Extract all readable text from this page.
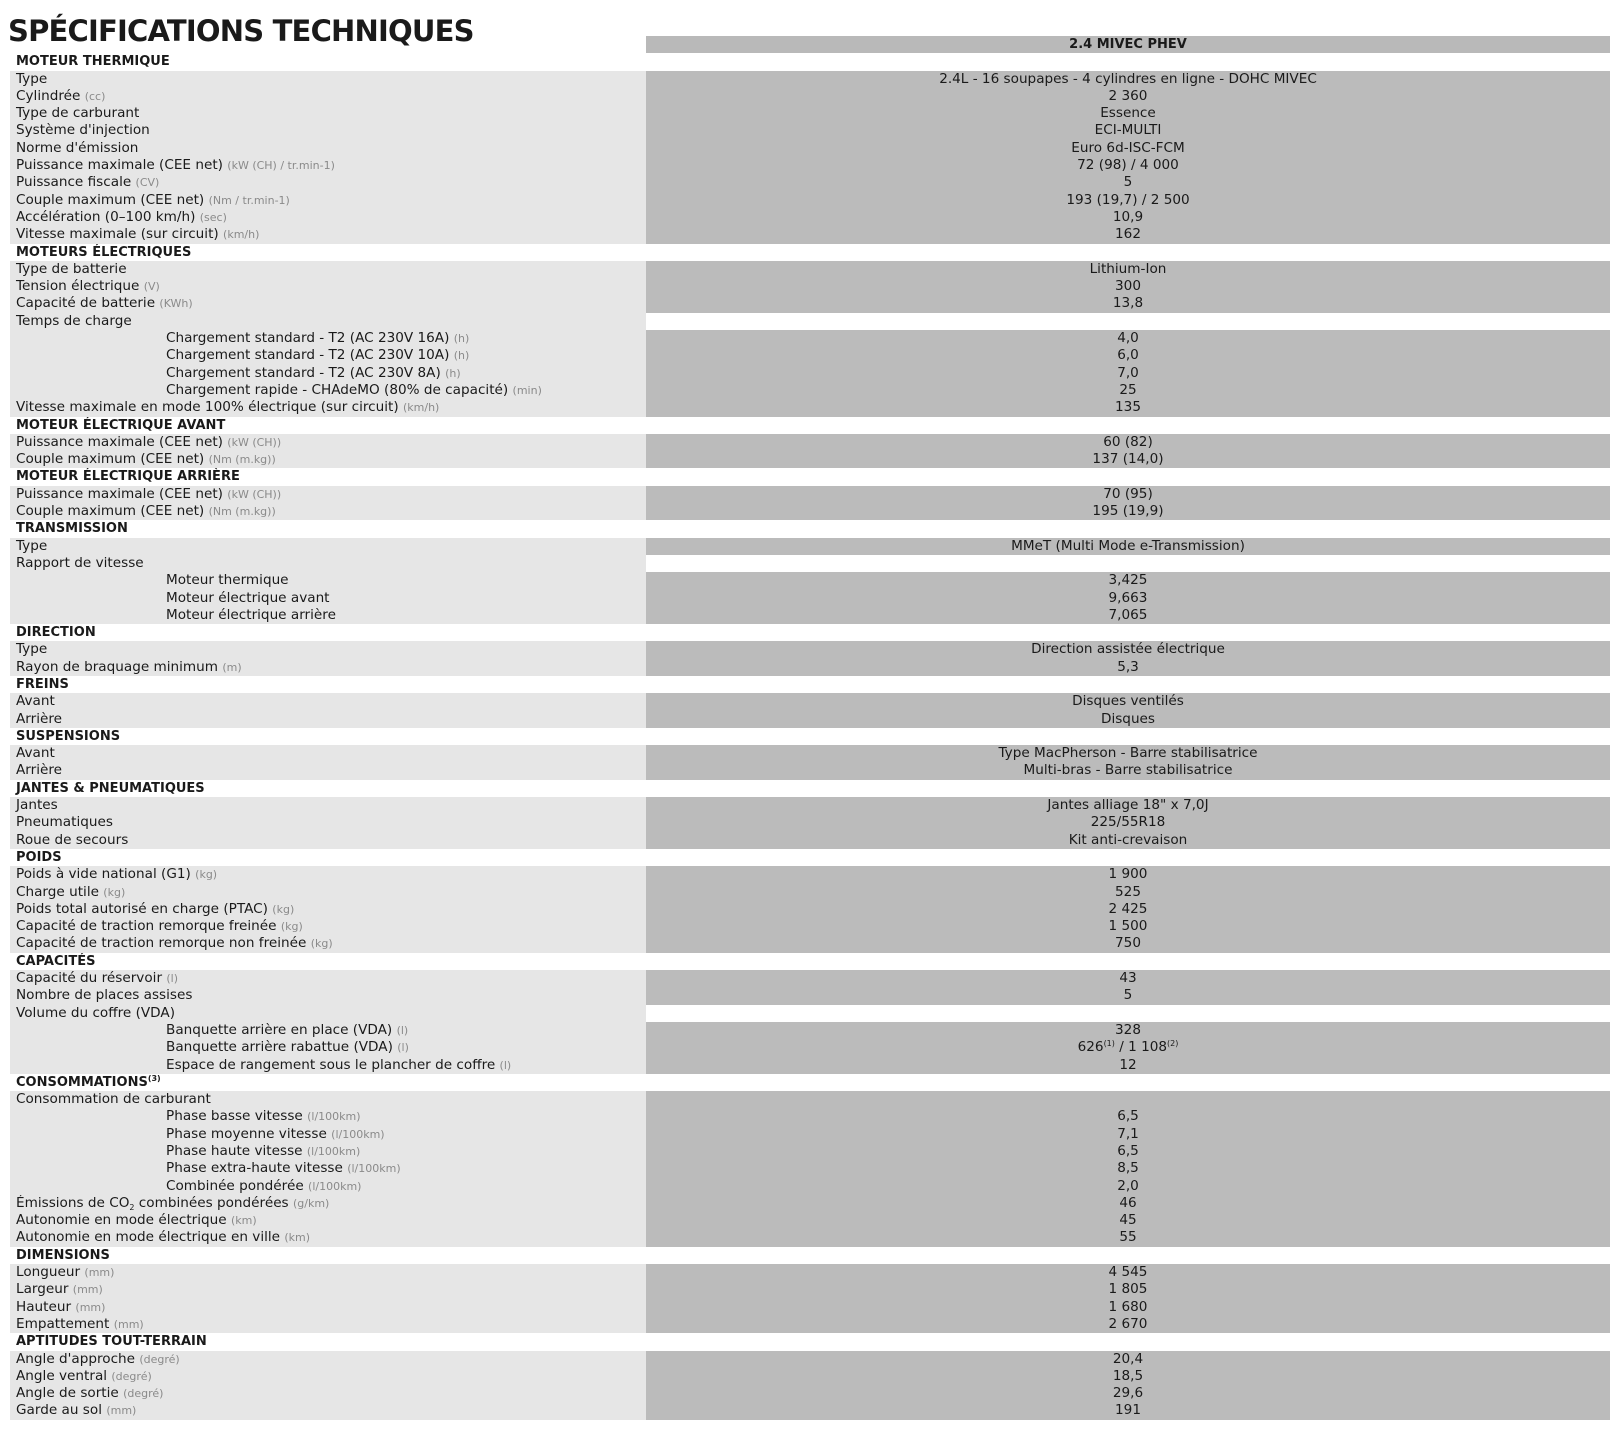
SPÉCIFICATIONS TECHNIQUES	2.4 MIVEC PHEV
MOTEUR THERMIQUE
Type	2.4L - 16 soupapes - 4 cylindres en ligne - DOHC MIVEC
Cylindrée (cc)	2 360
Type de carburant	Essence
Système d'injection	ECI-MULTI
Norme d'émission	Euro 6d-ISC-FCM
Puissance maximale (CEE net) (kW (CH) / tr.min-1)	72 (98) / 4 000
Puissance fiscale (CV)	5
Couple maximum (CEE net) (Nm / tr.min-1)	193 (19,7) / 2 500
Accélération (0–100 km/h) (sec)	10,9
Vitesse maximale (sur circuit) (km/h)	162
MOTEURS ÉLECTRIQUES
Type de batterie	Lithium-Ion
Tension électrique (V)	300
Capacité de batterie (KWh)	13,8
Temps de charge
Chargement standard - T2 (AC 230V 16A) (h)	4,0
Chargement standard - T2 (AC 230V 10A) (h)	6,0
Chargement standard - T2 (AC 230V 8A) (h)	7,0
Chargement rapide - CHAdeMO (80% de capacité) (min)	25
Vitesse maximale en mode 100% électrique (sur circuit) (km/h)	135
MOTEUR ÉLECTRIQUE AVANT
Puissance maximale (CEE net) (kW (CH))	60 (82)
Couple maximum (CEE net) (Nm (m.kg))	137 (14,0)
MOTEUR ÉLECTRIQUE ARRIÈRE
Puissance maximale (CEE net) (kW (CH))	70 (95)
Couple maximum (CEE net) (Nm (m.kg))	195 (19,9)
TRANSMISSION
Type	MMeT (Multi Mode e-Transmission)
Rapport de vitesse
Moteur thermique	3,425
Moteur électrique avant	9,663
Moteur électrique arrière	7,065
DIRECTION
Type	Direction assistée électrique
Rayon de braquage minimum (m)	5,3
FREINS
Avant	Disques ventilés
Arrière	Disques
SUSPENSIONS
Avant	Type MacPherson - Barre stabilisatrice
Arrière	Multi-bras - Barre stabilisatrice
JANTES & PNEUMATIQUES
Jantes	Jantes alliage 18" x 7,0J
Pneumatiques	225/55R18
Roue de secours	Kit anti-crevaison
POIDS
Poids à vide national (G1) (kg)	1 900
Charge utile (kg)	525
Poids total autorisé en charge (PTAC) (kg)	2 425
Capacité de traction remorque freinée (kg)	1 500
Capacité de traction remorque non freinée (kg)	750
CAPACITÉS
Capacité du réservoir (l)	43
Nombre de places assises	5
Volume du coffre (VDA)
Banquette arrière en place (VDA) (l)	328
Banquette arrière rabattue (VDA) (l)	626$^{(1)}$ / 1 108$^{(2)}$
Espace de rangement sous le plancher de coffre (l)	12
CONSOMMATIONS$^{(3)}$
Consommation de carburant
Phase basse vitesse (l/100km)	6,5
Phase moyenne vitesse (l/100km)	7,1
Phase haute vitesse (l/100km)	6,5
Phase extra-haute vitesse (l/100km)	8,5
Combinée pondérée (l/100km)	2,0
Émissions de $CO_2$ combinées pondérées (g/km)	46
Autonomie en mode électrique (km)	45
Autonomie en mode électrique en ville (km)	55
DIMENSIONS
Longueur (mm)	4 545
Largeur (mm)	1 805
Hauteur (mm)	1 680
Empattement (mm)	2 670
APTITUDES TOUT-TERRAIN
Angle d'approche (degré)	20,4
Angle ventral (degré)	18,5
Angle de sortie (degré)	29,6
Garde au sol (mm)	191
